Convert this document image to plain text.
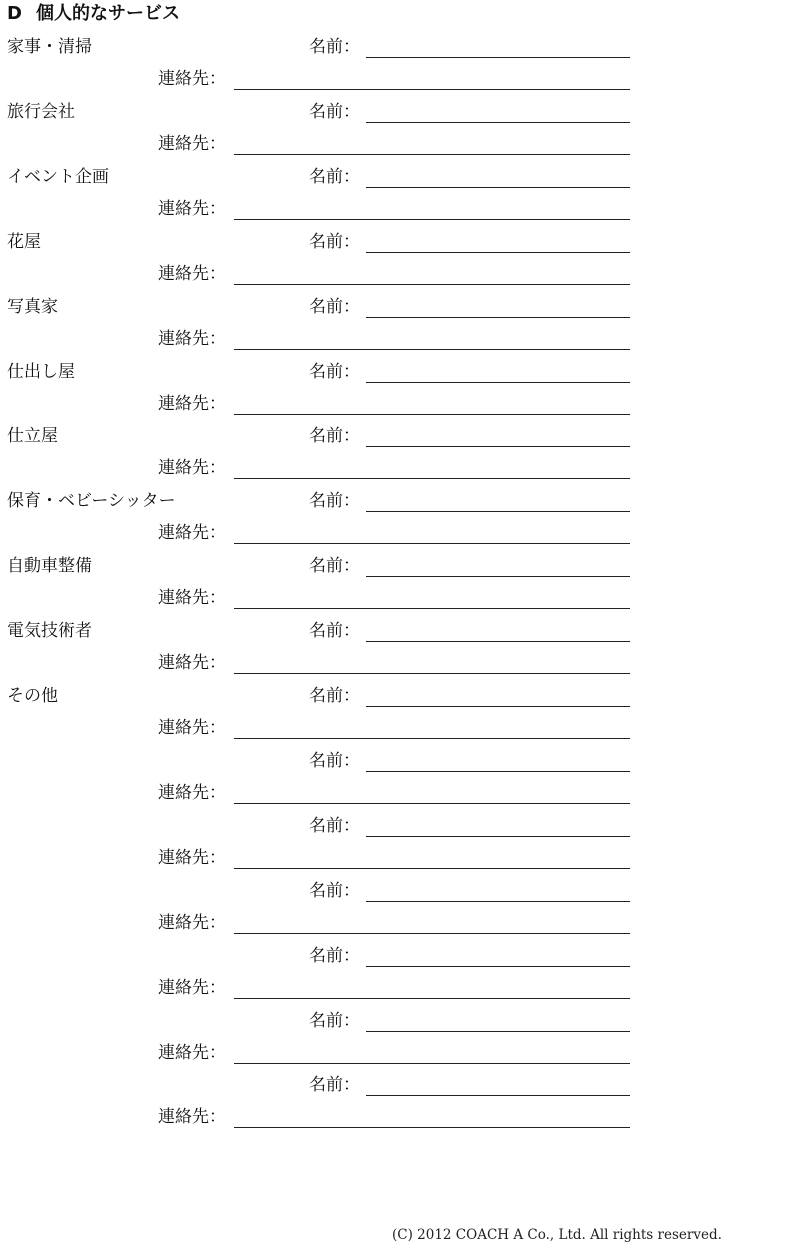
D 個人的なサービス
家事・清掃	名前：
連絡先：
旅行会社	名前：
連絡先：
イベント企画	名前：
連絡先：
花屋	名前：
連絡先：
写真家	名前：
連絡先：
仕出し屋	名前：
連絡先：
仕立屋	名前：
連絡先：
保育・ベビーシッター	名前：
連絡先：
自動車整備	名前：
連絡先：
電気技術者	名前：
連絡先：
その他	名前：
連絡先：
名前：
連絡先：
名前：
連絡先：
名前：
連絡先：
名前：
連絡先：
名前：
連絡先：
名前：
連絡先：
(C) 2012 COACH A Co., Ltd. All rights reserved.
